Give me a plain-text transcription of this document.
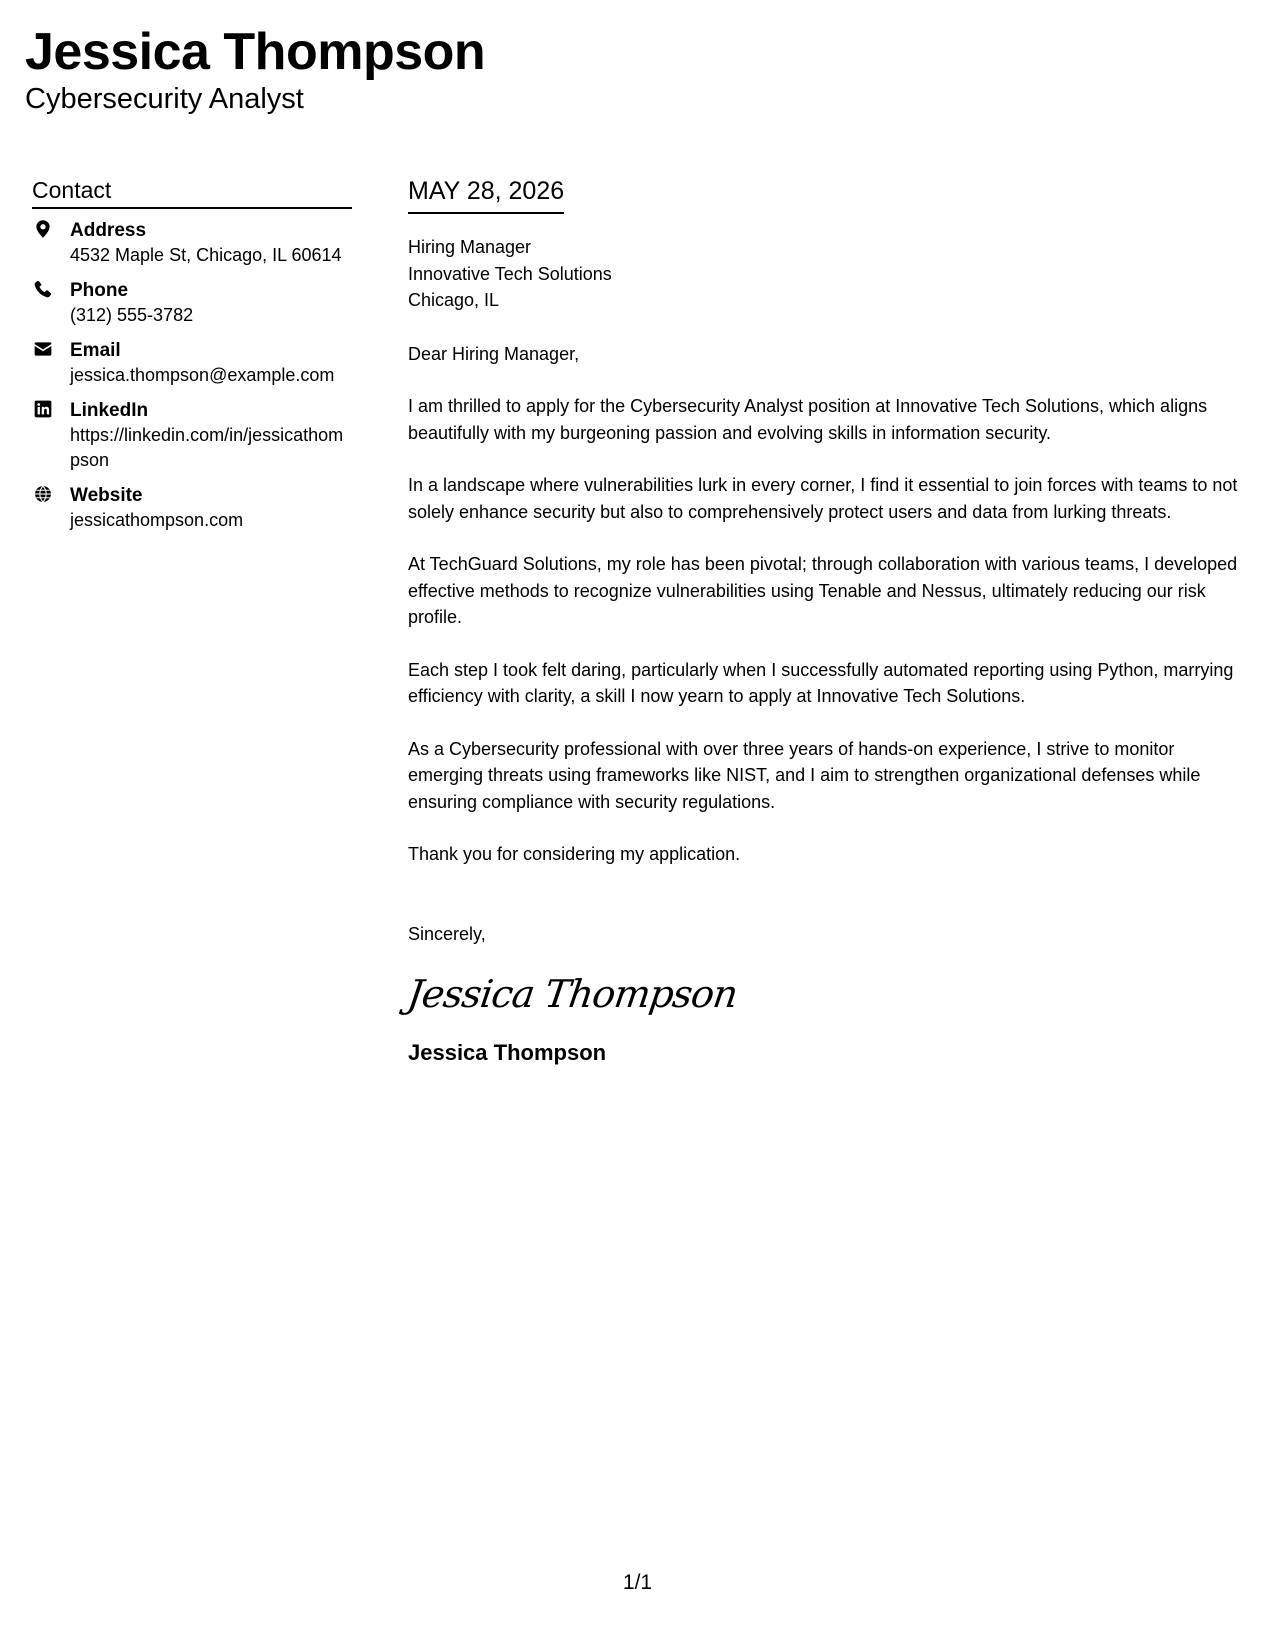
Jessica Thompson
Cybersecurity Analyst
Contact
Address
4532 Maple St, Chicago, IL 60614
Phone
(312) 555-3782
Email
jessica.thompson@example.com
LinkedIn
https://linkedin.com/in/jessicathompson
Website
jessicathompson.com
MAY 28, 2026
Hiring Manager
Innovative Tech Solutions
Chicago, IL
Dear Hiring Manager,

I am thrilled to apply for the Cybersecurity Analyst position at Innovative Tech Solutions, which aligns beautifully with my burgeoning passion and evolving skills in information security.

In a landscape where vulnerabilities lurk in every corner, I find it essential to join forces with teams to not solely enhance security but also to comprehensively protect users and data from lurking threats.

At TechGuard Solutions, my role has been pivotal; through collaboration with various teams, I developed effective methods to recognize vulnerabilities using Tenable and Nessus, ultimately reducing our risk profile.

Each step I took felt daring, particularly when I successfully automated reporting using Python, marrying efficiency with clarity, a skill I now yearn to apply at Innovative Tech Solutions.

As a Cybersecurity professional with over three years of hands-on experience, I strive to monitor emerging threats using frameworks like NIST, and I aim to strengthen organizational defenses while ensuring compliance with security regulations.

Thank you for considering my application.

Sincerely,
Jessica Thompson
Jessica Thompson
1/1
